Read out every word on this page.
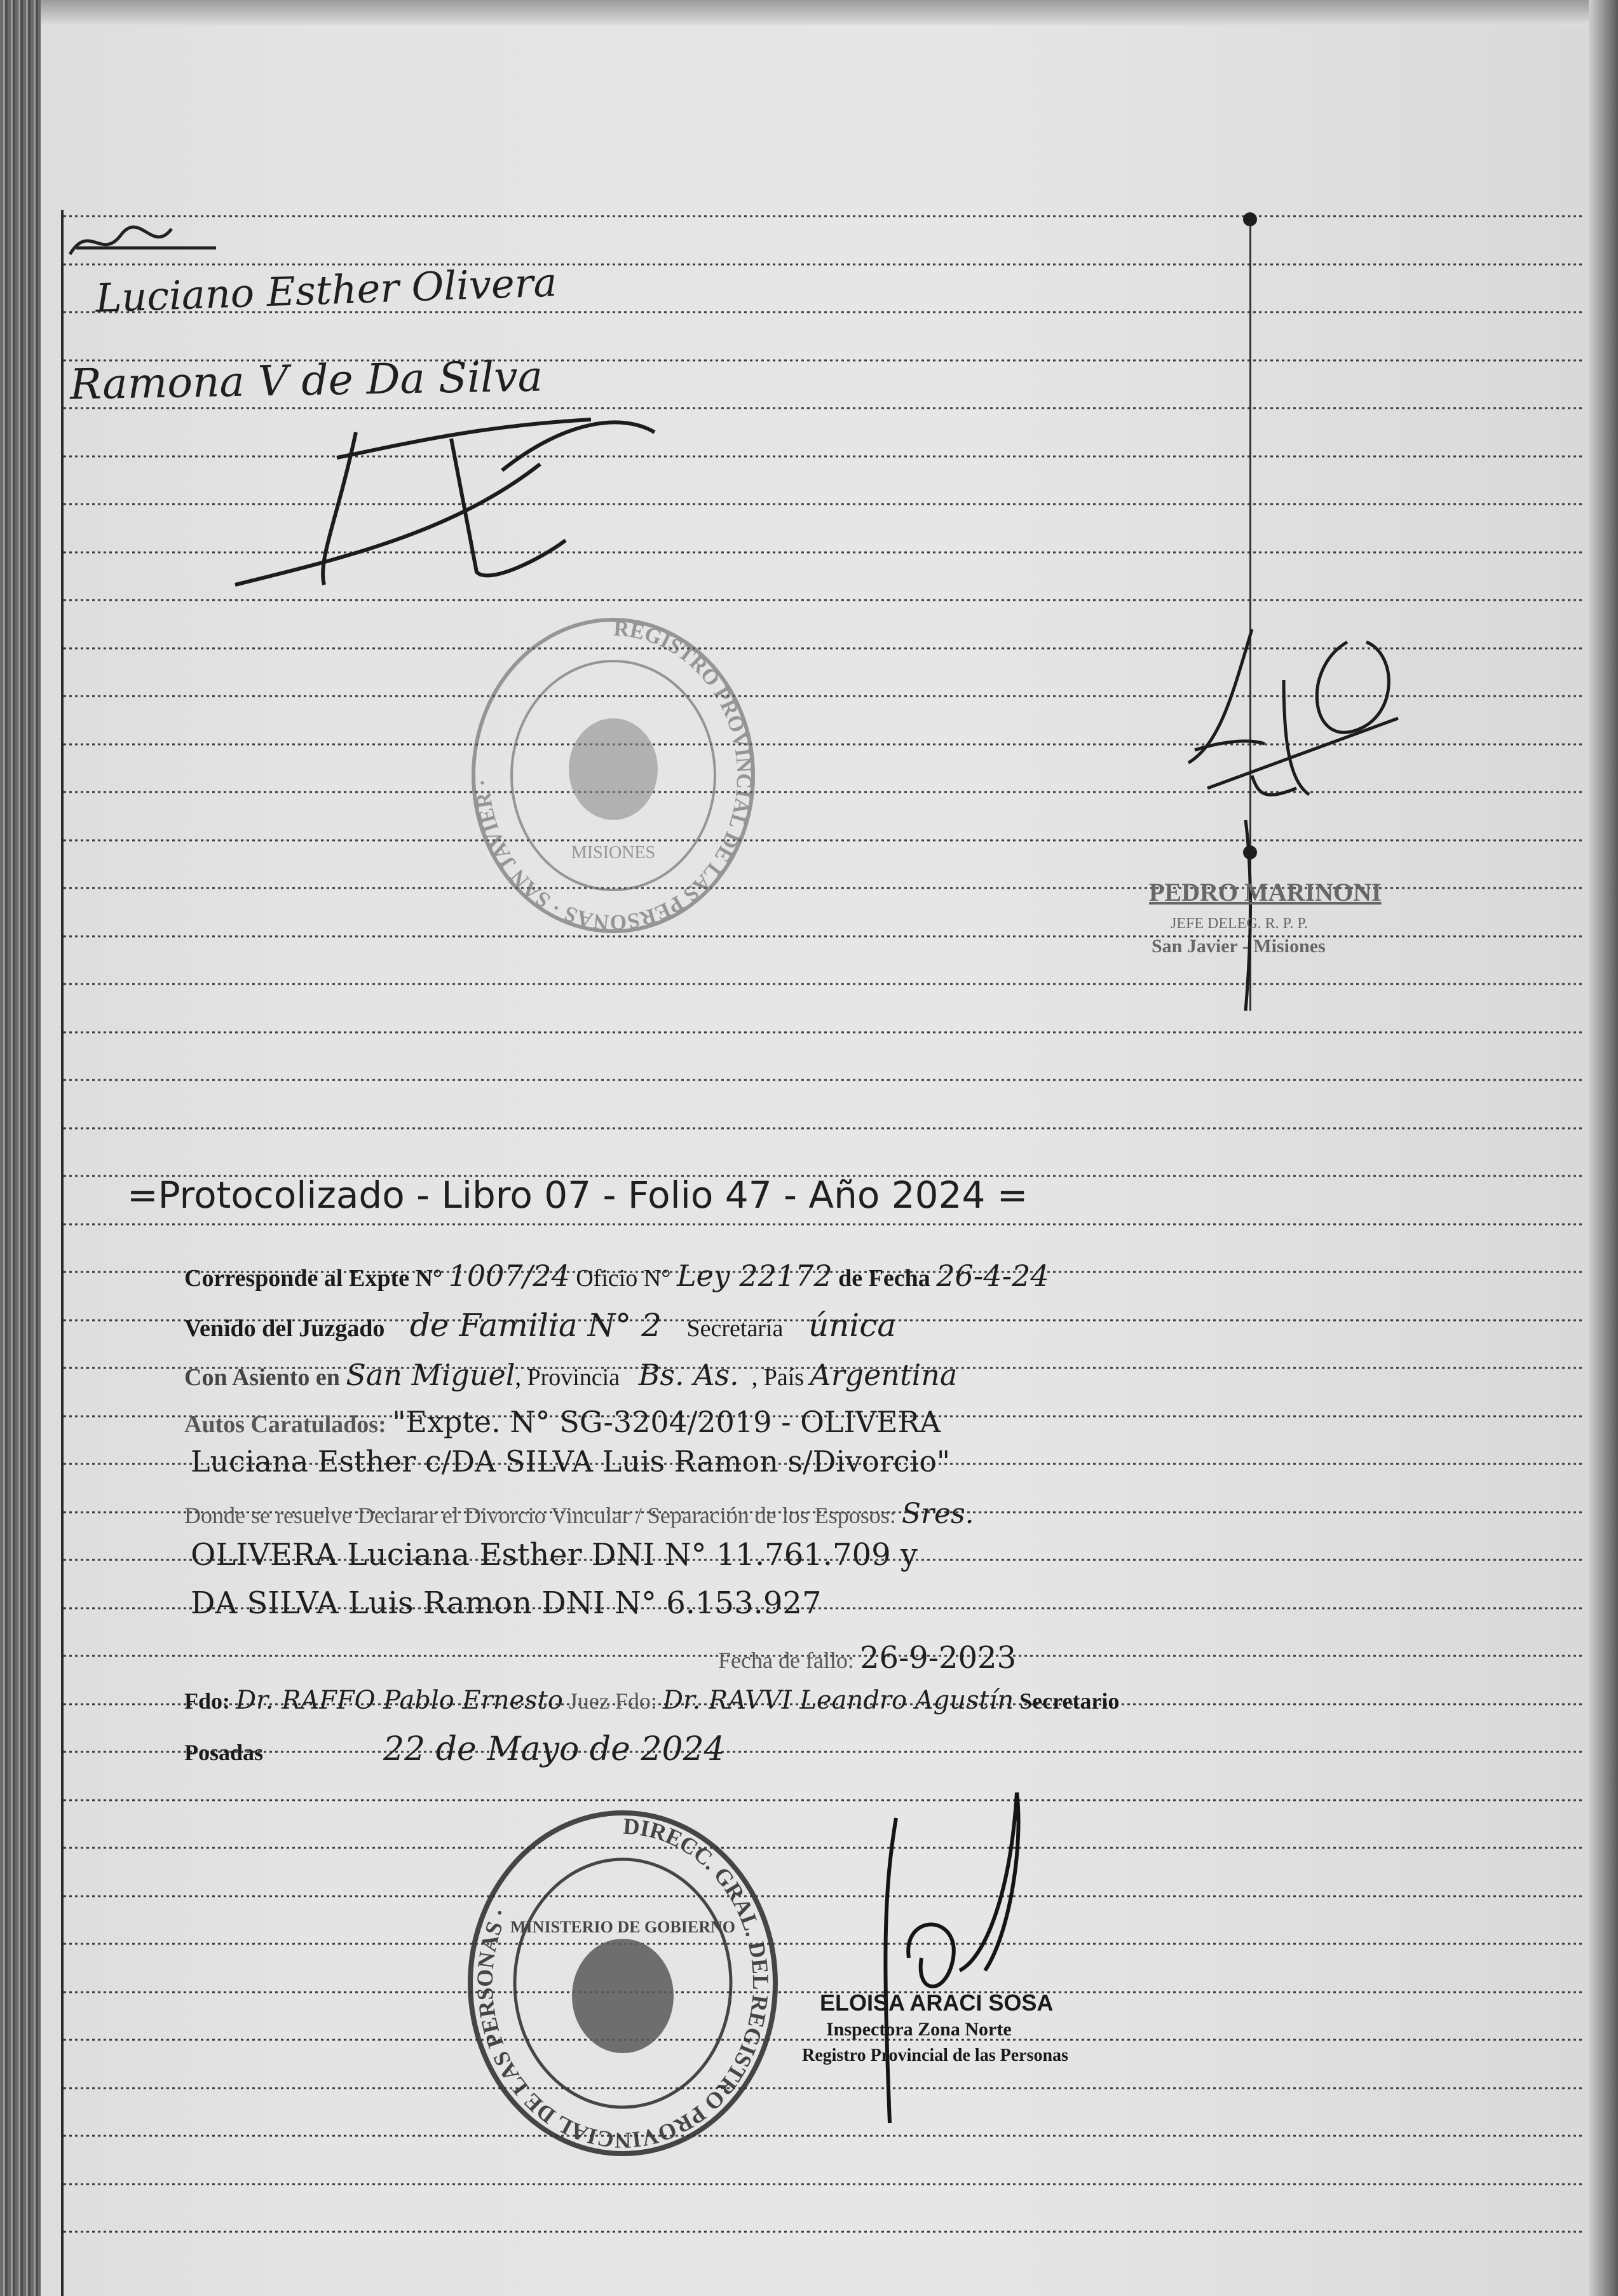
Luciano Esther Olivera
Ramona V de Da Silva
REGISTRO PROVINCIAL DE LAS PERSONAS · SAN JAVIER ·
MISIONES
PEDRO MARINONI
JEFE DELEG. R. P. P.
San Javier - Misiones
=Protocolizado - Libro 07 - Folio 47 - Año 2024 =
Corresponde al Expte N° 1007/24 Oficio N° Ley 22172 de Fecha 26-4-24
Venido del Juzgado de Familia N° 2 Secretaría única
Con Asiento en San Miguel, Provincia Bs. As. , País Argentina
Autos Caratulados: "Expte. N° SG-3204/2019 - OLIVERA
Luciana Esther c/DA SILVA Luis Ramon s/Divorcio"
Donde se resuelve Declarar el Divorcio Vincular / Separación de los Esposos: Sres.
OLIVERA Luciana Esther DNI N° 11.761.709 y
DA SILVA Luis Ramon DNI N° 6.153.927
Fecha de fallo: 26-9-2023
Fdo: Dr. RAFFO Pablo Ernesto Juez Fdo: Dr. RAVVI Leandro Agustín Secretario
Posadas	22 de Mayo de 2024
DIRECC. GRAL. DEL REGISTRO PROVINCIAL DE LAS PERSONAS ·
MINISTERIO DE GOBIERNO
ELOISA ARACI SOSA
Inspectora Zona Norte
Registro Provincial de las Personas
